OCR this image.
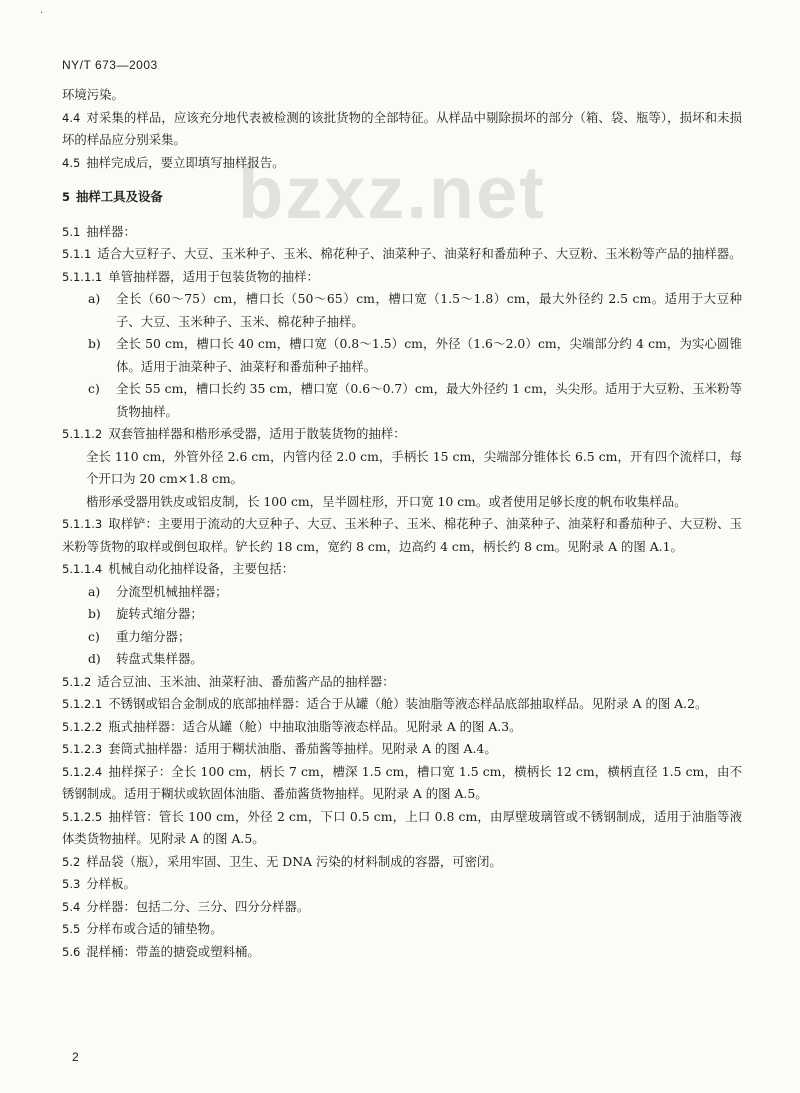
·
NY/T 673—2003
bzxz.net

环境污染。

4.4 对采集的样品，应该充分地代表被检测的该批货物的全部特征。从样品中剔除损坏的部分（箱、袋、瓶等），损坏和未损坏的样品应分别采集。

4.5 抽样完成后，要立即填写抽样报告。

5 抽样工具及设备

5.1 抽样器：

5.1.1 适合大豆籽子、大豆、玉米种子、玉米、棉花种子、油菜种子、油菜籽和番茄种子、大豆粉、玉米粉等产品的抽样器。

5.1.1.1 单管抽样器，适用于包装货物的抽样：

a)	全长（60～75）cm，槽口长（50～65）cm，槽口宽（1.5～1.8）cm，最大外径约 2.5 cm。适用于大豆种子、大豆、玉米种子、玉米、棉花种子抽样。
b)	全长 50 cm，槽口长 40 cm，槽口宽（0.8～1.5）cm，外径（1.6～2.0）cm，尖端部分约 4 cm，为实心圆锥体。适用于油菜种子、油菜籽和番茄种子抽样。
c)	全长 55 cm，槽口长约 35 cm，槽口宽（0.6～0.7）cm，最大外径约 1 cm，头尖形。适用于大豆粉、玉米粉等货物抽样。

5.1.1.2 双套管抽样器和楷形承受器，适用于散装货物的抽样：

全长 110 cm，外管外径 2.6 cm，内管内径 2.0 cm，手柄长 15 cm，尖端部分锥体长 6.5 cm，开有四个流样口，每个开口为 20 cm×1.8 cm。

楷形承受器用铁皮或铝皮制，长 100 cm，呈半圆柱形，开口宽 10 cm。或者使用足够长度的帆布收集样品。

5.1.1.3 取样铲：主要用于流动的大豆种子、大豆、玉米种子、玉米、棉花种子、油菜种子、油菜籽和番茄种子、大豆粉、玉米粉等货物的取样或倒包取样。铲长约 18 cm，宽约 8 cm，边高约 4 cm，柄长约 8 cm。见附录 A 的图 A.1。

5.1.1.4 机械自动化抽样设备，主要包括：

a)	分流型机械抽样器；
b)	旋转式缩分器；
c)	重力缩分器；
d)	转盘式集样器。

5.1.2 适合豆油、玉米油、油菜籽油、番茄酱产品的抽样器：

5.1.2.1 不锈钢或铝合金制成的底部抽样器：适合于从罐（舱）装油脂等液态样品底部抽取样品。见附录 A 的图 A.2。

5.1.2.2 瓶式抽样器：适合从罐（舱）中抽取油脂等液态样品。见附录 A 的图 A.3。

5.1.2.3 套筒式抽样器：适用于糊状油脂、番茄酱等抽样。见附录 A 的图 A.4。

5.1.2.4 抽样探子：全长 100 cm，柄长 7 cm，槽深 1.5 cm，槽口宽 1.5 cm，横柄长 12 cm，横柄直径 1.5 cm，由不锈钢制成。适用于糊状或软固体油脂、番茄酱货物抽样。见附录 A 的图 A.5。

5.1.2.5 抽样管：管长 100 cm，外径 2 cm，下口 0.5 cm，上口 0.8 cm，由厚壁玻璃管或不锈钢制成，适用于油脂等液体类货物抽样。见附录 A 的图 A.5。

5.2 样品袋（瓶），采用牢固、卫生、无 DNA 污染的材料制成的容器，可密闭。

5.3 分样板。

5.4 分样器：包括二分、三分、四分分样器。

5.5 分样布或合适的铺垫物。

5.6 混样桶：带盖的搪瓷或塑料桶。

2
